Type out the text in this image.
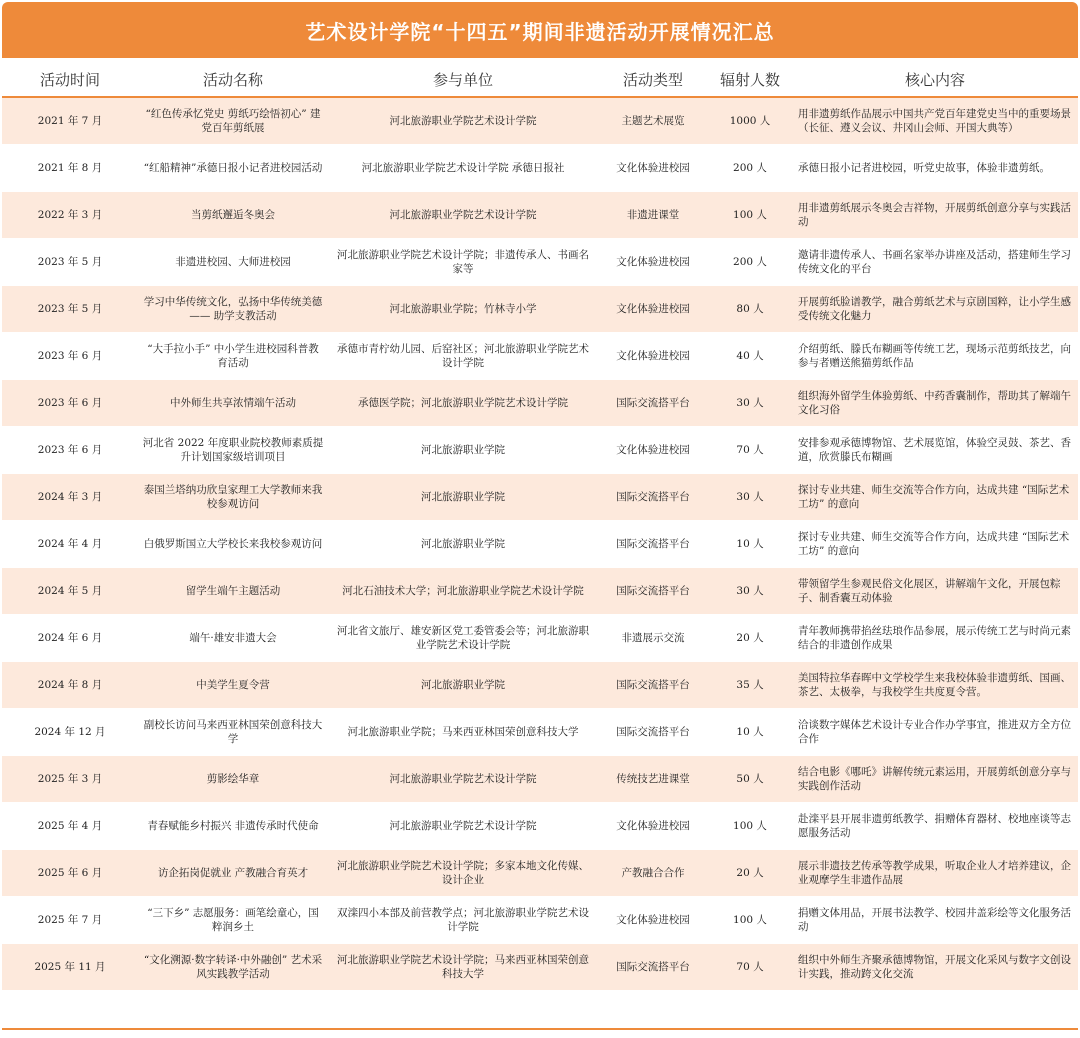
艺术设计学院“十四五”期间非遗活动开展情况汇总
活动时间	活动名称	参与单位	活动类型	辐射人数	核心内容
2021 年 7 月	“红色传承忆党史 剪纸巧绘悟初心” 建党百年剪纸展	河北旅游职业学院艺术设计学院	主题艺术展览	1000 人	用非遗剪纸作品展示中国共产党百年建党史当中的重要场景（长征、遵义会议、井冈山会师、开国大典等）
2021 年 8 月	“红船精神”承德日报小记者进校园活动	河北旅游职业学院艺术设计学院 承德日报社	文化体验进校园	200 人	承德日报小记者进校园，听党史故事，体验非遗剪纸。
2022 年 3 月	当剪纸邂逅冬奥会	河北旅游职业学院艺术设计学院	非遗进课堂	100 人	用非遗剪纸展示冬奥会吉祥物，开展剪纸创意分享与实践活动
2023 年 5 月	非遗进校园、大师进校园	河北旅游职业学院艺术设计学院；非遗传承人、书画名家等	文化体验进校园	200 人	邀请非遗传承人、书画名家举办讲座及活动，搭建师生学习传统文化的平台
2023 年 5 月	学习中华传统文化，弘扬中华传统美德—— 助学支教活动	河北旅游职业学院；竹林寺小学	文化体验进校园	80 人	开展剪纸脸谱教学，融合剪纸艺术与京剧国粹，让小学生感受传统文化魅力
2023 年 6 月	“大手拉小手” 中小学生进校园科普教育活动	承德市青柠幼儿园、后窑社区；河北旅游职业学院艺术设计学院	文化体验进校园	40 人	介绍剪纸、滕氏布糊画等传统工艺，现场示范剪纸技艺，向参与者赠送熊猫剪纸作品
2023 年 6 月	中外师生共享浓情端午活动	承德医学院；河北旅游职业学院艺术设计学院	国际交流搭平台	30 人	组织海外留学生体验剪纸、中药香囊制作，帮助其了解端午文化习俗
2023 年 6 月	河北省 2022 年度职业院校教师素质提升计划国家级培训项目	河北旅游职业学院	文化体验进校园	70 人	安排参观承德博物馆、艺术展览馆，体验空灵鼓、茶艺、香道，欣赏滕氏布糊画
2024 年 3 月	泰国兰塔纳功欣皇家理工大学教师来我校参观访问	河北旅游职业学院	国际交流搭平台	30 人	探讨专业共建、师生交流等合作方向，达成共建 “国际艺术工坊” 的意向
2024 年 4 月	白俄罗斯国立大学校长来我校参观访问	河北旅游职业学院	国际交流搭平台	10 人	探讨专业共建、师生交流等合作方向，达成共建 “国际艺术工坊” 的意向
2024 年 5 月	留学生端午主题活动	河北石油技术大学；河北旅游职业学院艺术设计学院	国际交流搭平台	30 人	带领留学生参观民俗文化展区，讲解端午文化，开展包粽子、制香囊互动体验
2024 年 6 月	端午·雄安非遗大会	河北省文旅厅、雄安新区党工委管委会等；河北旅游职业学院艺术设计学院	非遗展示交流	20 人	青年教师携带掐丝珐琅作品参展，展示传统工艺与时尚元素结合的非遗创作成果
2024 年 8 月	中美学生夏令营	河北旅游职业学院	国际交流搭平台	35 人	美国特拉华春晖中文学校学生来我校体验非遗剪纸、国画、茶艺、太极拳，与我校学生共度夏令营。
2024 年 12 月	副校长访问马来西亚林国荣创意科技大学	河北旅游职业学院；马来西亚林国荣创意科技大学	国际交流搭平台	10 人	洽谈数字媒体艺术设计专业合作办学事宜，推进双方全方位合作
2025 年 3 月	剪影绘华章	河北旅游职业学院艺术设计学院	传统技艺进课堂	50 人	结合电影《哪吒》讲解传统元素运用，开展剪纸创意分享与实践创作活动
2025 年 4 月	青春赋能乡村振兴 非遗传承时代使命	河北旅游职业学院艺术设计学院	文化体验进校园	100 人	赴滦平县开展非遗剪纸教学、捐赠体育器材、校地座谈等志愿服务活动
2025 年 6 月	访企拓岗促就业 产教融合育英才	河北旅游职业学院艺术设计学院；多家本地文化传媒、设计企业	产教融合合作	20 人	展示非遗技艺传承等教学成果，听取企业人才培养建议，企业观摩学生非遗作品展
2025 年 7 月	“三下乡” 志愿服务：画笔绘童心，国粹润乡土	双滦四小本部及前营教学点；河北旅游职业学院艺术设计学院	文化体验进校园	100 人	捐赠文体用品，开展书法教学、校园井盖彩绘等文化服务活动
2025 年 11 月	“文化溯源·数字转译·中外融创” 艺术采风实践教学活动	河北旅游职业学院艺术设计学院；马来西亚林国荣创意科技大学	国际交流搭平台	70 人	组织中外师生齐聚承德博物馆，开展文化采风与数字文创设计实践，推动跨文化交流
